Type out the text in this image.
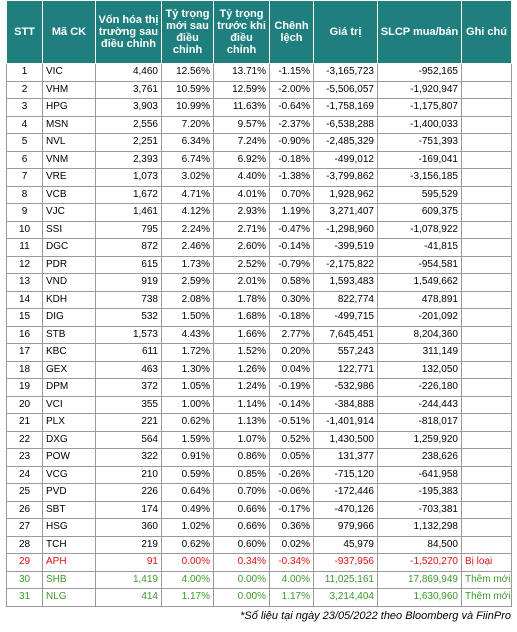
STT	Mã CK	Vốn hóa thị trường sau điều chỉnh	Tỷ trọng mới sau điều chỉnh	Tỷ trọng trước khi điều chỉnh	Chênh lệch	Giá trị	SLCP mua/bán	Ghi chú
1	VIC	4,460	12.56%	13.71%	-1.15%	-3,165,723	-952,165	
2	VHM	3,761	10.59%	12.59%	-2.00%	-5,506,057	-1,920,947	
3	HPG	3,903	10.99%	11.63%	-0.64%	-1,758,169	-1,175,807	
4	MSN	2,556	7.20%	9.57%	-2.37%	-6,538,288	-1,400,033	
5	NVL	2,251	6.34%	7.24%	-0.90%	-2,485,329	-751,393	
6	VNM	2,393	6.74%	6.92%	-0.18%	-499,012	-169,041	
7	VRE	1,073	3.02%	4.40%	-1.38%	-3,799,862	-3,156,185	
8	VCB	1,672	4.71%	4.01%	0.70%	1,928,962	595,529	
9	VJC	1,461	4.12%	2.93%	1.19%	3,271,407	609,375	
10	SSI	795	2.24%	2.71%	-0.47%	-1,298,960	-1,078,922	
11	DGC	872	2.46%	2.60%	-0.14%	-399,519	-41,815	
12	PDR	615	1.73%	2.52%	-0.79%	-2,175,822	-954,581	
13	VND	919	2.59%	2.01%	0.58%	1,593,483	1,549,662	
14	KDH	738	2.08%	1.78%	0.30%	822,774	478,891	
15	DIG	532	1.50%	1.68%	-0.18%	-499,715	-201,092	
16	STB	1,573	4.43%	1.66%	2.77%	7,645,451	8,204,360	
17	KBC	611	1.72%	1.52%	0.20%	557,243	311,149	
18	GEX	463	1.30%	1.26%	0.04%	122,771	132,050	
19	DPM	372	1.05%	1.24%	-0.19%	-532,986	-226,180	
20	VCI	355	1.00%	1.14%	-0.14%	-384,888	-244,443	
21	PLX	221	0.62%	1.13%	-0.51%	-1,401,914	-818,017	
22	DXG	564	1.59%	1.07%	0.52%	1,430,500	1,259,920	
23	POW	322	0.91%	0.86%	0.05%	131,377	238,626	
24	VCG	210	0.59%	0.85%	-0.26%	-715,120	-641,958	
25	PVD	226	0.64%	0.70%	-0.06%	-172,446	-195,383	
26	SBT	174	0.49%	0.66%	-0.17%	-470,126	-703,381	
27	HSG	360	1.02%	0.66%	0.36%	979,966	1,132,298	
28	TCH	219	0.62%	0.60%	0.02%	45,979	84,500	
29	APH	91	0.00%	0.34%	-0.34%	-937,956	-1,520,270	Bị loại
30	SHB	1,419	4.00%	0.00%	4.00%	11,025,161	17,869,949	Thêm mới
31	NLG	414	1.17%	0.00%	1.17%	3,214,404	1,630,960	Thêm mới
*Số liệu tại ngày 23/05/2022 theo Bloomberg và FiinPro
